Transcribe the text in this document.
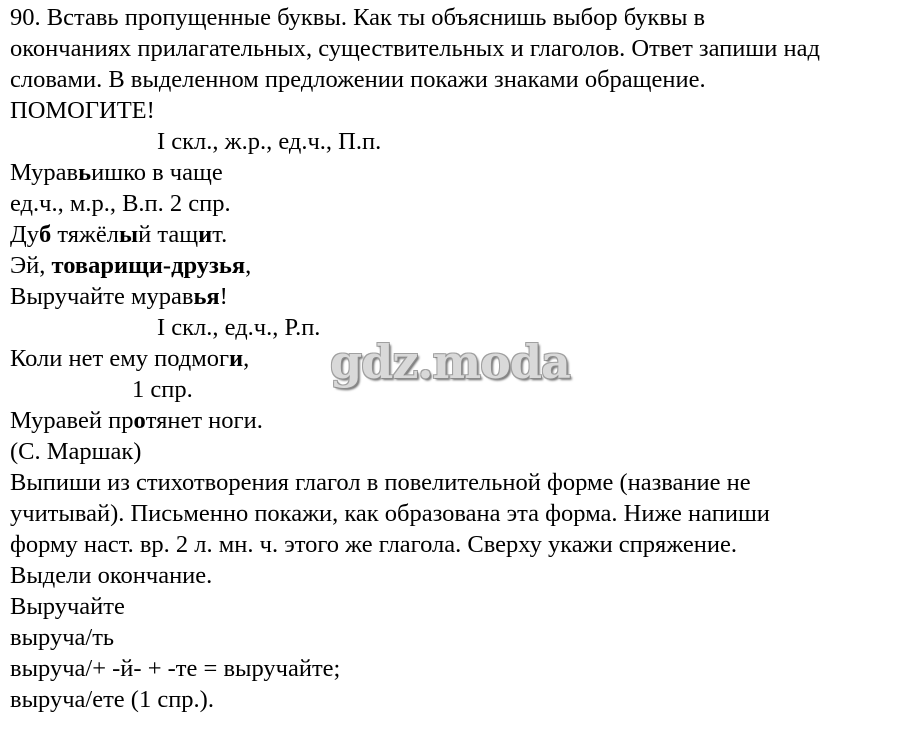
90. Вставь пропущенные буквы. Как ты объяснишь выбор буквы в
окончаниях прилагательных, существительных и глаголов. Ответ запиши над
словами. В выделенном предложении покажи знаками обращение.
ПОМОГИТЕ!
I скл., ж.р., ед.ч., П.п.
Муравьишко в чаще
ед.ч., м.р., В.п. 2 спр.
Дуб тяжёлый тащит.
Эй, товарищи-друзья,
Выручайте муравья!
I скл., ед.ч., Р.п.
Коли нет ему подмоги,
1 спр.
Муравей протянет ноги.
(С. Маршак)
Выпиши из стихотворения глагол в повелительной форме (название не
учитывай). Письменно покажи, как образована эта форма. Ниже напиши
форму наст. вр. 2 л. мн. ч. этого же глагола. Сверху укажи спряжение.
Выдели окончание.
Выручайте
выруча/ть
выруча/+ -й- + -те = выручайте;
выруча/ете (1 спр.).
gdz.moda
